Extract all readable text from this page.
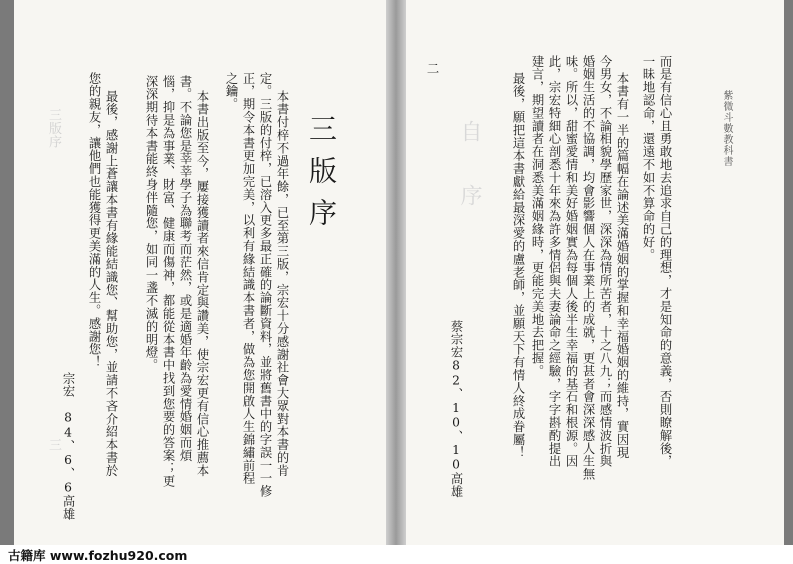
三版序
三 宗宏　84、6、6高雄
您的親友，讓他們也能獲得更美滿的人生。感謝您！ 最後，感謝上蒼讓本書有緣能結識您、幫助您，並請不吝介紹本書於 深深期待本書能終身伴隨您，如同一盞不滅的明燈。 惱，抑是為事業、財富、健康而傷神，都能從本書中找到您要的答案；更 書。不論您是莘莘學子為聯考而茫然，或是適婚年齡為愛情婚姻而煩 本書出版至今，屢接獲讀者來信肯定與讚美，使宗宏更有信心推薦本 之鑰。 正，期令本書更加完美，以利有緣結識本書者，做為您開啟人生錦繡前程 定。三版的付梓，已溶入更多最正確的論斷資料，並將舊書中的字誤一一修 本書付梓不過年餘，已至第三版，宗宏十分感謝社會大眾對本書的肯 三版序
二
蔡宗宏82、10、10高雄	最後，願把這本書獻給最深愛的盧老師，並願天下有情人終成眷屬！ 建言，期望讀者在洞悉美滿姻緣時，更能完美地去把握。 此，宗宏特細心剖悉十年來為許多情侶與夫妻論命之經驗，字字斟酌提出 味。所以，甜蜜愛情和美好婚姻實為每個人後半生幸福的基石和根源。因 婚姻生活的不協調，均會影響個人在事業上的成就，更甚者會深深感人生無 今男女，不論相貌學歷家世，深深為情所苦者，十之八九；而感情波折與 本書有一半的篇幅在論述美滿婚姻的掌握和幸福婚姻的維持，實因現 一昧地認命，還遠不如不算命的好。 而是有信心且勇敢地去追求自己的理想，才是知命的意義，否則瞭解後，	紫微斗數教科書
自　序
古籍库 www.fozhu920.com
